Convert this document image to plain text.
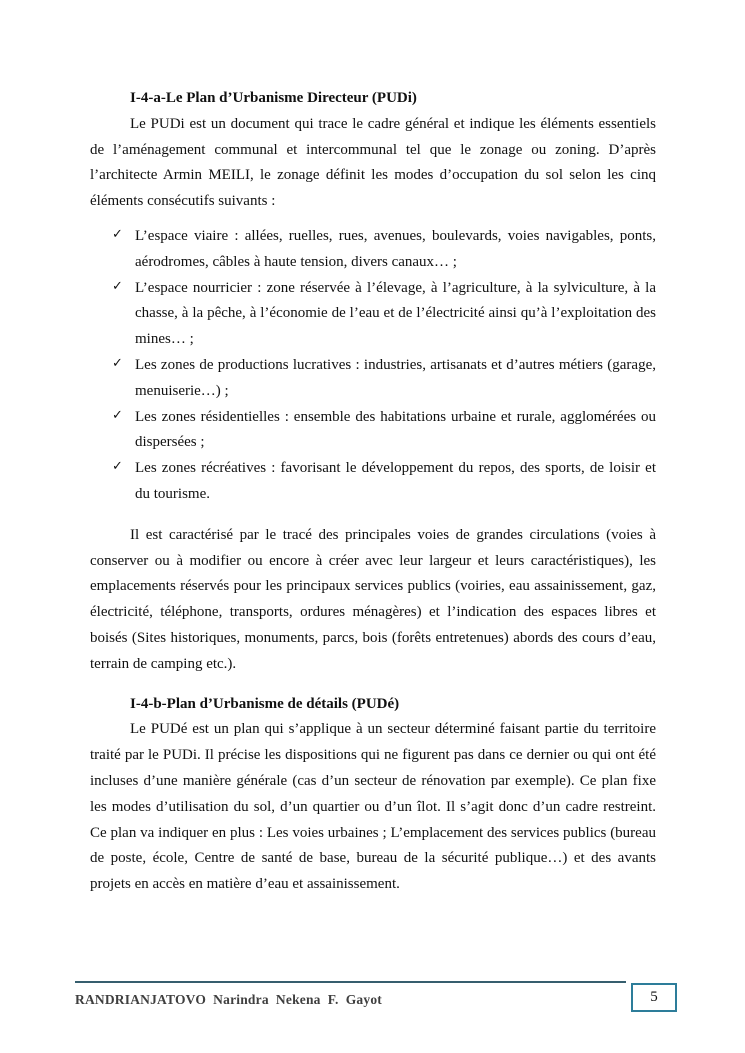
I-4-a-Le Plan d’Urbanisme Directeur (PUDi)

Le PUDi est un document qui trace le cadre général et indique les éléments essentiels de l’aménagement communal et intercommunal tel que le zonage ou zoning. D’après l’architecte Armin MEILI, le zonage définit les modes d’occupation du sol selon les cinq éléments consécutifs suivants :

✓ L’espace viaire : allées, ruelles, rues, avenues, boulevards, voies navigables, ponts, aérodromes, câbles à haute tension, divers canaux… ;
✓ L’espace nourricier : zone réservée à l’élevage, à l’agriculture, à la sylviculture, à la chasse, à la pêche, à l’économie de l’eau et de l’électricité ainsi qu’à l’exploitation des mines… ;
✓ Les zones de productions lucratives : industries, artisanats et d’autres métiers (garage, menuiserie…) ;
✓ Les zones résidentielles : ensemble des habitations urbaine et rurale, agglomérées ou dispersées ;
✓ Les zones récréatives : favorisant le développement du repos, des sports, de loisir et du tourisme.

Il est caractérisé par le tracé des principales voies de grandes circulations (voies à conserver ou à modifier ou encore à créer avec leur largeur et leurs caractéristiques), les emplacements réservés pour les principaux services publics (voiries, eau assainissement, gaz, électricité, téléphone, transports, ordures ménagères) et l’indication des espaces libres et boisés (Sites historiques, monuments, parcs, bois (forêts entretenues) abords des cours d’eau, terrain de camping etc.).

I-4-b-Plan d’Urbanisme de détails (PUDé)

Le PUDé est un plan qui s’applique à un secteur déterminé faisant partie du territoire traité par le PUDi. Il précise les dispositions qui ne figurent pas dans ce dernier ou qui ont été incluses d’une manière générale (cas d’un secteur de rénovation par exemple). Ce plan fixe les modes d’utilisation du sol, d’un quartier ou d’un îlot. Il s’agit donc d’un cadre restreint. Ce plan va indiquer en plus : Les voies urbaines ; L’emplacement des services publics (bureau de poste, école, Centre de santé de base, bureau de la sécurité publique…) et des avants projets en accès en matière d’eau et assainissement.

5
RANDRIANJATOVO  Narindra  Nekena  F.  Gayot
